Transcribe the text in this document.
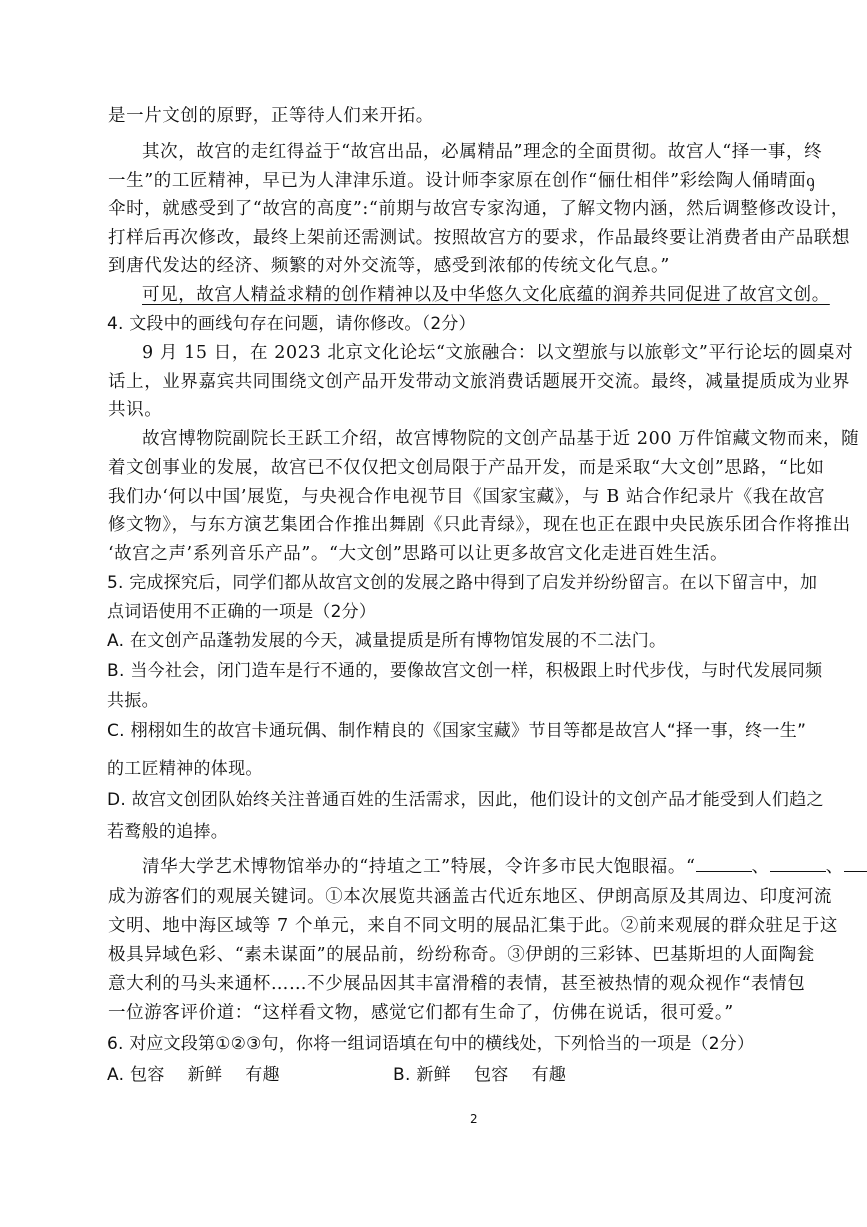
是一片文创的原野，正等待人们来开拓。
其次，故宫的走红得益于“故宫出品，必属精品”理念的全面贯彻。故宫人“择一事，终
一生”的工匠精神，早已为人津津乐道。设计师李家原在创作“俪仕相伴”彩绘陶人俑晴面ᧁ
伞时，就感受到了“故宫的高度”:“前期与故宫专家沟通，了解文物内涵，然后调整修改设计，
打样后再次修改，最终上架前还需测试。按照故宫方的要求，作品最终要让消费者由产品联想
到唐代发达的经济、频繁的对外交流等，感受到浓郁的传统文化气息。”
可见，故宫人精益求精的创作精神以及中华悠久文化底蕴的润养共同促进了故宫文创。
4. 文段中的画线句存在问题，请你修改。（2分）
9 月 15 日，在 2023 北京文化论坛“文旅融合：以文塑旅与以旅彰文”平行论坛的圆桌对
话上，业界嘉宾共同围绕文创产品开发带动文旅消费话题展开交流。最终，减量提质成为业界
共识。
故宫博物院副院长王跃工介绍，故宫博物院的文创产品基于近 200 万件馆藏文物而来，随
着文创事业的发展，故宫已不仅仅把文创局限于产品开发，而是采取“大文创”思路，“比如
我们办‘何以中国’展览，与央视合作电视节目《国家宝藏》，与 B 站合作纪录片《我在故宫
修文物》，与东方演艺集团合作推出舞剧《只此青绿》，现在也正在跟中央民族乐团合作将推出
‘故宫之声’系列音乐产品”。“大文创”思路可以让更多故宫文化走进百姓生活。
5. 完成探究后，同学们都从故宫文创的发展之路中得到了启发并纷纷留言。在以下留言中，加
点词语使用不正确的一项是（2分）
A. 在文创产品蓬勃发展的今天，减量提质是所有博物馆发展的不二法门。
B. 当今社会，闭门造车是行不通的，要像故宫文创一样，积极跟上时代步伐，与时代发展同频
共振。
C. 栩栩如生的故宫卡通玩偶、制作精良的《国家宝藏》节目等都是故宫人“择一事，终一生”
的工匠精神的体现。
D. 故宫文创团队始终关注普通百姓的生活需求，因此，他们设计的文创产品才能受到人们趋之
若鹜般的追捧。
清华大学艺术博物馆举办的“持埴之工”特展，令许多市民大饱眼福。“	、	、
成为游客们的观展关键词。①本次展览共涵盖古代近东地区、伊朗高原及其周边、印度河流
文明、地中海区域等 7 个单元，来自不同文明的展品汇集于此。②前来观展的群众驻足于这
极具异域色彩、“素未谋面”的展品前，纷纷称奇。③伊朗的三彩钵、巴基斯坦的人面陶瓮
意大利的马头来通杯……不少展品因其丰富滑稽的表情，甚至被热情的观众视作“表情包
一位游客评价道：“这样看文物，感觉它们都有生命了，仿佛在说话，很可爱。”
6. 对应文段第①②③句，你将一组词语填在句中的横线处，下列恰当的一项是（2分）
A. 包容　 新鲜　 有趣	B. 新鲜　 包容　 有趣
2
